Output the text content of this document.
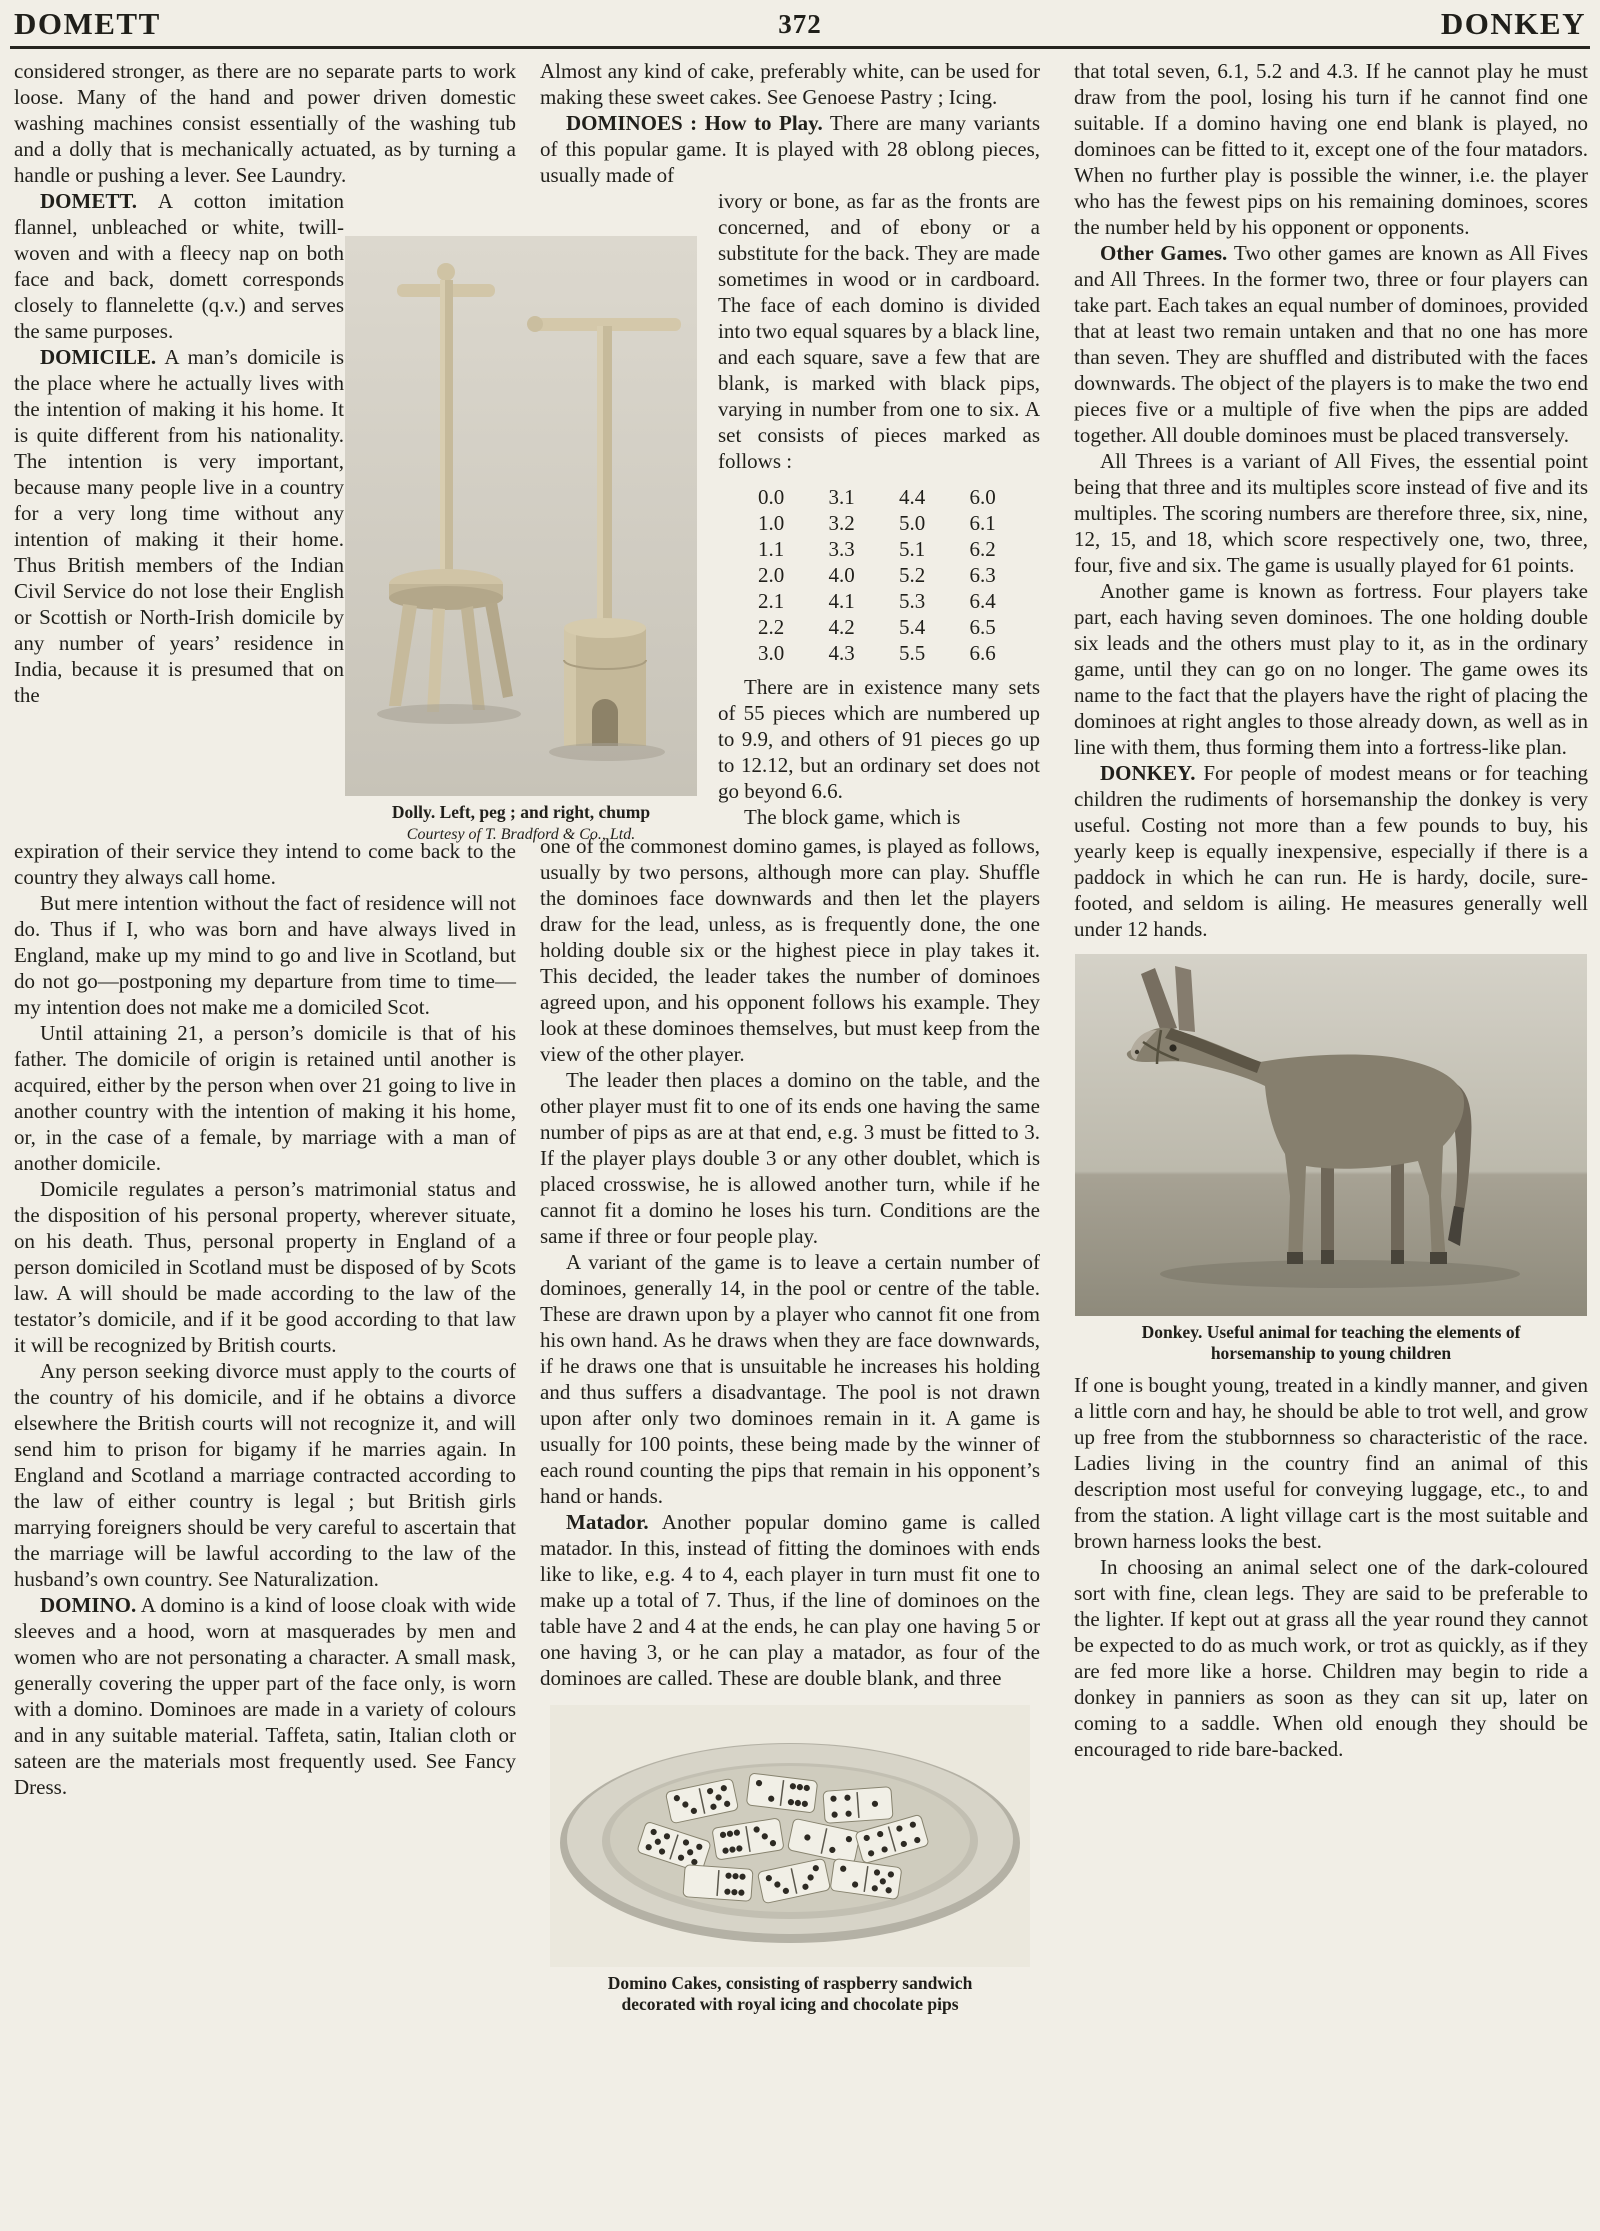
DOMETT	372	DONKEY
Dolly. Left, peg ; and right, chump
Courtesy of T. Bradford & Co., Ltd.

considered stronger, as there are no separate parts to work loose. Many of the hand and power driven domestic washing machines consist essentially of the washing tub and a dolly that is mechanically actuated, as by turning a handle or pushing a lever. See Laundry.

DOMETT. A cotton imitation flannel, unbleached or white, twill-woven and with a fleecy nap on both face and back, domett corresponds closely to flannelette (q.v.) and serves the same purposes.

DOMICILE. A man’s domicile is the place where he actually lives with the intention of making it his home. It is quite different from his nationality. The intention is very important, because many people live in a country for a very long time without any intention of making it their home. Thus British members of the Indian Civil Service do not lose their English or Scottish or North-Irish domicile by any number of years’ residence in India, because it is presumed that on the

expiration of their service they intend to come back to the country they always call home.

But mere intention without the fact of residence will not do. Thus if I, who was born and have always lived in England, make up my mind to go and live in Scotland, but do not go—postponing my departure from time to time—my intention does not make me a domiciled Scot.

Until attaining 21, a person’s domicile is that of his father. The domicile of origin is retained until another is acquired, either by the person when over 21 going to live in another country with the intention of making it his home, or, in the case of a female, by marriage with a man of another domicile.

Domicile regulates a person’s matrimonial status and the disposition of his personal property, wherever situate, on his death. Thus, personal property in England of a person domiciled in Scotland must be disposed of by Scots law. A will should be made according to the law of the testator’s domicile, and if it be good according to that law it will be recognized by British courts.

Any person seeking divorce must apply to the courts of the country of his domicile, and if he obtains a divorce elsewhere the British courts will not recognize it, and will send him to prison for bigamy if he marries again. In England and Scotland a marriage contracted according to the law of either country is legal ; but British girls marrying foreigners should be very careful to ascertain that the marriage will be lawful according to the law of the husband’s own country. See Naturalization.

DOMINO. A domino is a kind of loose cloak with wide sleeves and a hood, worn at masquerades by men and women who are not personating a character. A small mask, generally covering the upper part of the face only, is worn with a domino. Dominoes are made in a variety of colours and in any suitable material. Taffeta, satin, Italian cloth or sateen are the materials most frequently used. See Fancy Dress.

Almost any kind of cake, preferably white, can be used for making these sweet cakes. See Genoese Pastry ; Icing.

DOMINOES : How to Play. There are many variants of this popular game. It is played with 28 oblong pieces, usually made of

ivory or bone, as far as the fronts are concerned, and of ebony or a substitute for the back. They are made sometimes in wood or in cardboard. The face of each domino is divided into two equal squares by a black line, and each square, save a few that are blank, is marked with black pips, varying in number from one to six. A set consists of pieces marked as follows :

0.0	3.1	4.4	6.0
1.0	3.2	5.0	6.1
1.1	3.3	5.1	6.2
2.0	4.0	5.2	6.3
2.1	4.1	5.3	6.4
2.2	4.2	5.4	6.5
3.0	4.3	5.5	6.6

There are in existence many sets of 55 pieces which are numbered up to 9.9, and others of 91 pieces go up to 12.12, but an ordinary set does not go beyond 6.6.

The block game, which is

one of the commonest domino games, is played as follows, usually by two persons, although more can play. Shuffle the dominoes face downwards and then let the players draw for the lead, unless, as is frequently done, the one holding double six or the highest piece in play takes it. This decided, the leader takes the number of dominoes agreed upon, and his opponent follows his example. They look at these dominoes themselves, but must keep from the view of the other player.

The leader then places a domino on the table, and the other player must fit to one of its ends one having the same number of pips as are at that end, e.g. 3 must be fitted to 3. If the player plays double 3 or any other doublet, which is placed crosswise, he is allowed another turn, while if he cannot fit a domino he loses his turn. Conditions are the same if three or four people play.

A variant of the game is to leave a certain number of dominoes, generally 14, in the pool or centre of the table. These are drawn upon by a player who cannot fit one from his own hand. As he draws when they are face downwards, if he draws one that is unsuitable he increases his holding and thus suffers a disadvantage. The pool is not drawn upon after only two dominoes remain in it. A game is usually for 100 points, these being made by the winner of each round counting the pips that remain in his opponent’s hand or hands.

Matador. Another popular domino game is called matador. In this, instead of fitting the dominoes with ends like to like, e.g. 4 to 4, each player in turn must fit one to make up a total of 7. Thus, if the line of dominoes on the table have 2 and 4 at the ends, he can play one having 5 or one having 3, or he can play a matador, as four of the dominoes are called. These are double blank, and three

Domino Cakes, consisting of raspberry sandwich decorated with royal icing and chocolate pips

that total seven, 6.1, 5.2 and 4.3. If he cannot play he must draw from the pool, losing his turn if he cannot find one suitable. If a domino having one end blank is played, no dominoes can be fitted to it, except one of the four matadors. When no further play is possible the winner, i.e. the player who has the fewest pips on his remaining dominoes, scores the number held by his opponent or opponents.

Other Games. Two other games are known as All Fives and All Threes. In the former two, three or four players can take part. Each takes an equal number of dominoes, provided that at least two remain untaken and that no one has more than seven. They are shuffled and distributed with the faces downwards. The object of the players is to make the two end pieces five or a multiple of five when the pips are added together. All double dominoes must be placed transversely.

All Threes is a variant of All Fives, the essential point being that three and its multiples score instead of five and its multiples. The scoring numbers are therefore three, six, nine, 12, 15, and 18, which score respectively one, two, three, four, five and six. The game is usually played for 61 points.

Another game is known as fortress. Four players take part, each having seven dominoes. The one holding double six leads and the others must play to it, as in the ordinary game, until they can go on no longer. The game owes its name to the fact that the players have the right of placing the dominoes at right angles to those already down, as well as in line with them, thus forming them into a fortress-like plan.

DONKEY. For people of modest means or for teaching children the rudiments of horsemanship the donkey is very useful. Costing not more than a few pounds to buy, his yearly keep is equally inexpensive, especially if there is a paddock in which he can run. He is hardy, docile, sure-footed, and seldom is ailing. He measures generally well under 12 hands.

Donkey. Useful animal for teaching the elements of horsemanship to young children

If one is bought young, treated in a kindly manner, and given a little corn and hay, he should be able to trot well, and grow up free from the stubbornness so characteristic of the race. Ladies living in the country find an animal of this description most useful for conveying luggage, etc., to and from the station. A light village cart is the most suitable and brown harness looks the best.

In choosing an animal select one of the dark-coloured sort with fine, clean legs. They are said to be preferable to the lighter. If kept out at grass all the year round they cannot be expected to do as much work, or trot as quickly, as if they are fed more like a horse. Children may begin to ride a donkey in panniers as soon as they can sit up, later on coming to a saddle. When old enough they should be encouraged to ride bare-backed.
